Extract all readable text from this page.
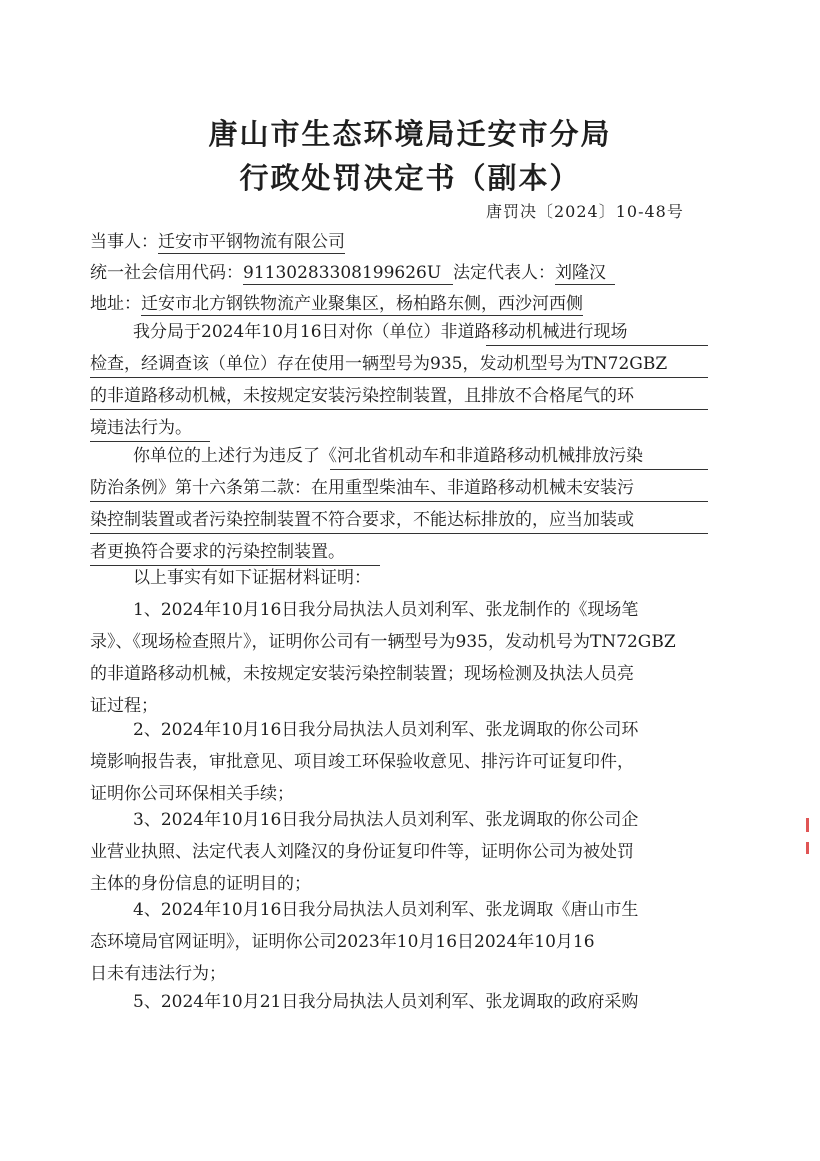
唐山市生态环境局迁安市分局
行政处罚决定书（副本）
唐罚决〔2024〕10-48号
当事人：迁安市平钢物流有限公司
统一社会信用代码：91130283308199626U 法定代表人：刘隆汉
地址：迁安市北方钢铁物流产业聚集区，杨柏路东侧，西沙河西侧
我分局于2024年10月16日对你（单位）非道路移动机械进行现场
检查，经调查该（单位）存在使用一辆型号为935，发动机型号为TN72GBZ
的非道路移动机械，未按规定安装污染控制装置，且排放不合格尾气的环
境违法行为。
你单位的上述行为违反了《河北省机动车和非道路移动机械排放污染
防治条例》第十六条第二款：在用重型柴油车、非道路移动机械未安装污
染控制装置或者污染控制装置不符合要求，不能达标排放的，应当加装或
者更换符合要求的污染控制装置。
以上事实有如下证据材料证明：
1、2024年10月16日我分局执法人员刘利军、张龙制作的《现场笔
录》、《现场检查照片》，证明你公司有一辆型号为935，发动机号为TN72GBZ
的非道路移动机械，未按规定安装污染控制装置；现场检测及执法人员亮
证过程；
2、2024年10月16日我分局执法人员刘利军、张龙调取的你公司环
境影响报告表，审批意见、项目竣工环保验收意见、排污许可证复印件，
证明你公司环保相关手续；
3、2024年10月16日我分局执法人员刘利军、张龙调取的你公司企
业营业执照、法定代表人刘隆汉的身份证复印件等，证明你公司为被处罚
主体的身份信息的证明目的；
4、2024年10月16日我分局执法人员刘利军、张龙调取《唐山市生
态环境局官网证明》，证明你公司2023年10月16日2024年10月16
日未有违法行为；
5、2024年10月21日我分局执法人员刘利军、张龙调取的政府采购
